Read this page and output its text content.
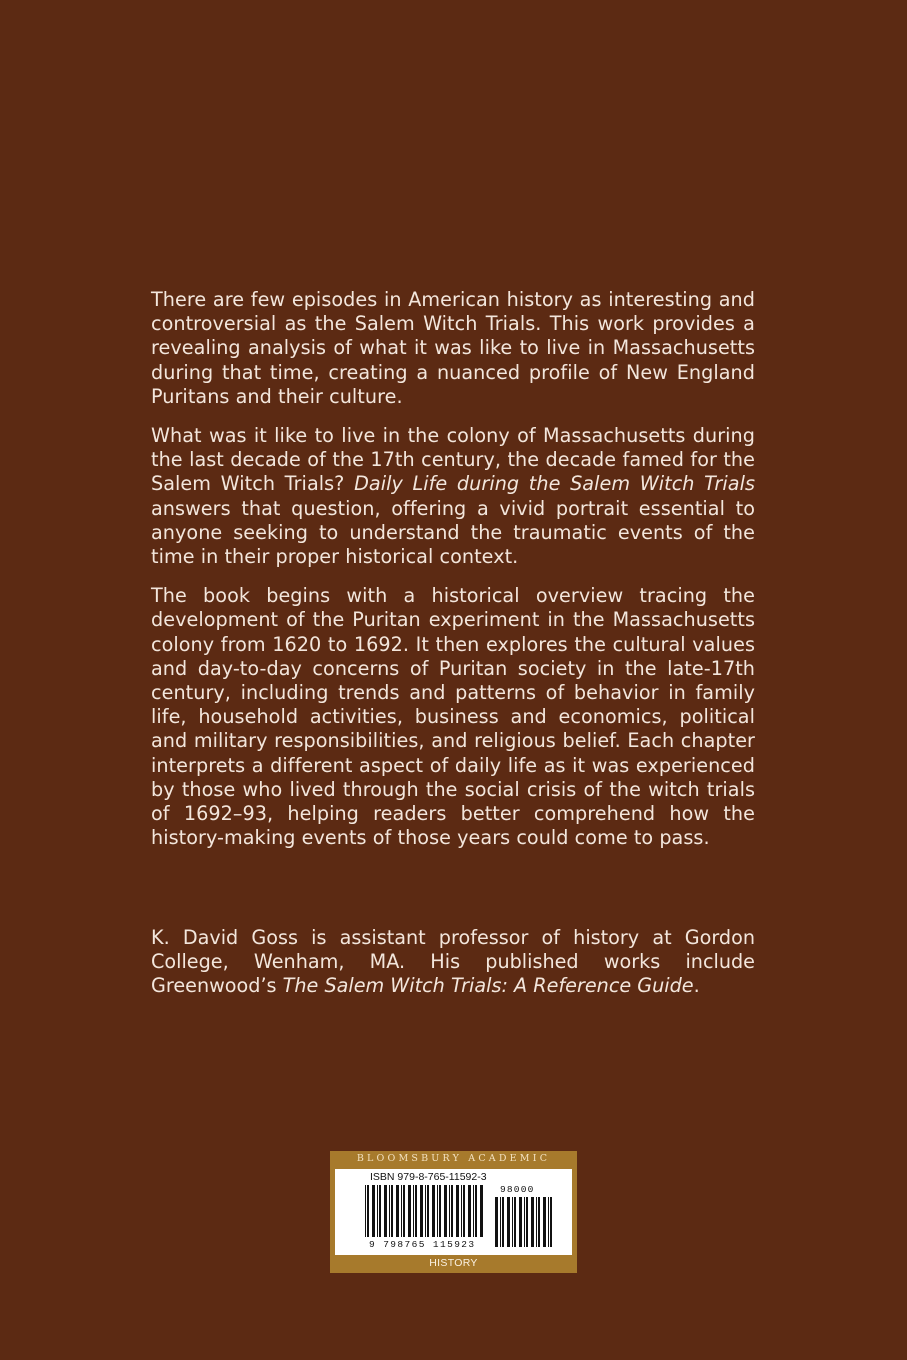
There are few episodes in American history as interesting and controversial as the Salem Witch Trials. This work provides a revealing analysis of what it was like to live in Massachusetts during that time, creating a nuanced profile of New England Puritans and their culture.

What was it like to live in the colony of Massachusetts during the last decade of the 17th century, the decade famed for the Salem Witch Trials? Daily Life during the Salem Witch Trials answers that question, offering a vivid portrait essential to anyone seeking to understand the traumatic events of the time in their proper historical context.

The book begins with a historical overview tracing the development of the Puritan experiment in the Massachusetts colony from 1620 to 1692. It then explores the cultural values and day-to-day concerns of Puritan society in the late-17th century, including trends and patterns of behavior in family life, household activities, business and economics, political and military responsibilities, and religious belief. Each chapter interprets a different aspect of daily life as it was experienced by those who lived through the social crisis of the witch trials of 1692–93, helping readers better comprehend how the history-making events of those years could come to pass.

K. David Goss is assistant professor of history at Gordon College, Wenham, MA. His published works include Greenwood’s The Salem Witch Trials: A Reference Guide.

BLOOMSBURY ACADEMIC
ISBN 979-8-765-11592-3
9 798765 115923
98000
HISTORY
